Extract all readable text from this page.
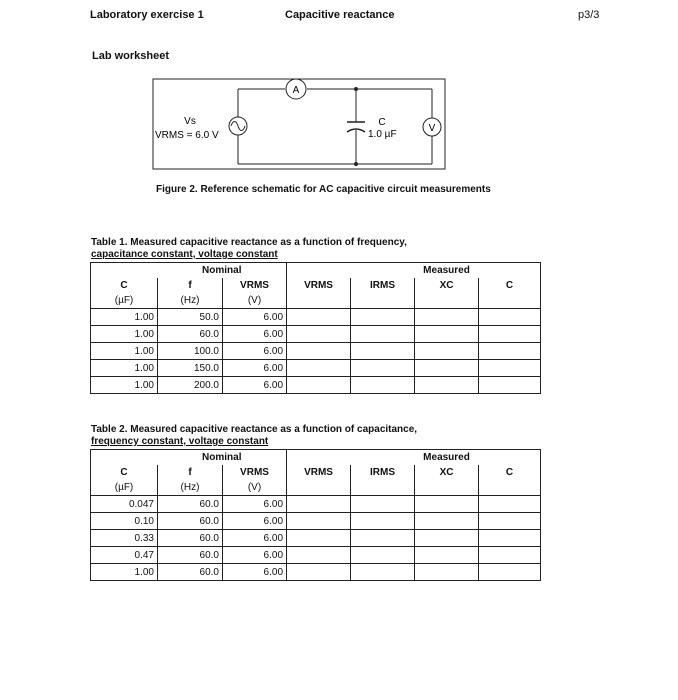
Laboratory exercise 1	Capacitive reactance	p3/3
Lab worksheet
A
V
Vs
VRMS = 6.0 V
C
1.0 µF
Figure 2. Reference schematic for AC capacitive circuit measurements
Table 1. Measured capacitive reactance as a function of frequency,
capacitance constant, voltage constant
	Nominal				Measured	
C	f	VRMS	VRMS	IRMS	XC	C
(µF)	(Hz)	(V)				
1.00	50.0	6.00				
1.00	60.0	6.00				
1.00	100.0	6.00				
1.00	150.0	6.00				
1.00	200.0	6.00				
Table 2. Measured capacitive reactance as a function of capacitance,
frequency constant, voltage constant
	Nominal				Measured	
C	f	VRMS	VRMS	IRMS	XC	C
(µF)	(Hz)	(V)				
0.047	60.0	6.00				
0.10	60.0	6.00				
0.33	60.0	6.00				
0.47	60.0	6.00				
1.00	60.0	6.00				
